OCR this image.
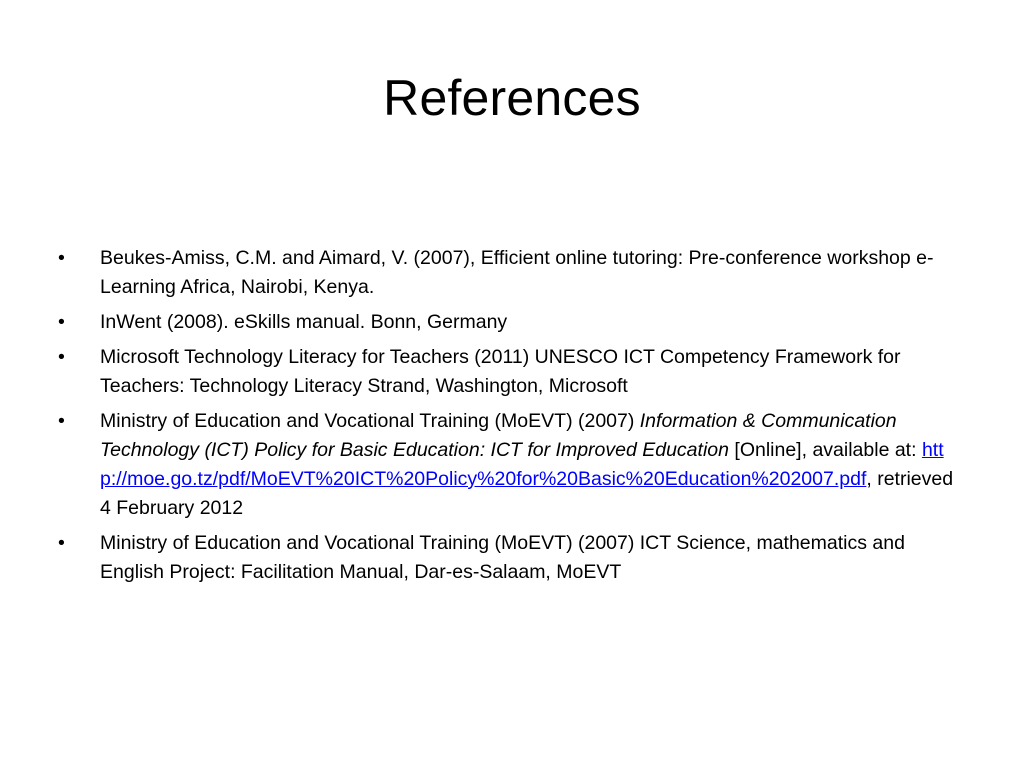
References
•	Beukes-Amiss, C.M. and Aimard, V. (2007), Efficient online tutoring: Pre-conference workshop e-Learning Africa, Nairobi, Kenya.
•	InWent (2008). eSkills manual. Bonn, Germany
•	Microsoft Technology Literacy for Teachers (2011) UNESCO ICT Competency Framework for Teachers: Technology Literacy Strand, Washington, Microsoft
•	Ministry of Education and Vocational Training (MoEVT) (2007) Information & Communication Technology (ICT) Policy for Basic Education: ICT for Improved Education [Online], available at: http://moe.go.tz/pdf/MoEVT%20ICT%20Policy%20for%20Basic%20Education%202007.pdf, retrieved 4 February 2012
•	Ministry of Education and Vocational Training (MoEVT) (2007) ICT Science, mathematics and English Project: Facilitation Manual, Dar-es-Salaam, MoEVT
